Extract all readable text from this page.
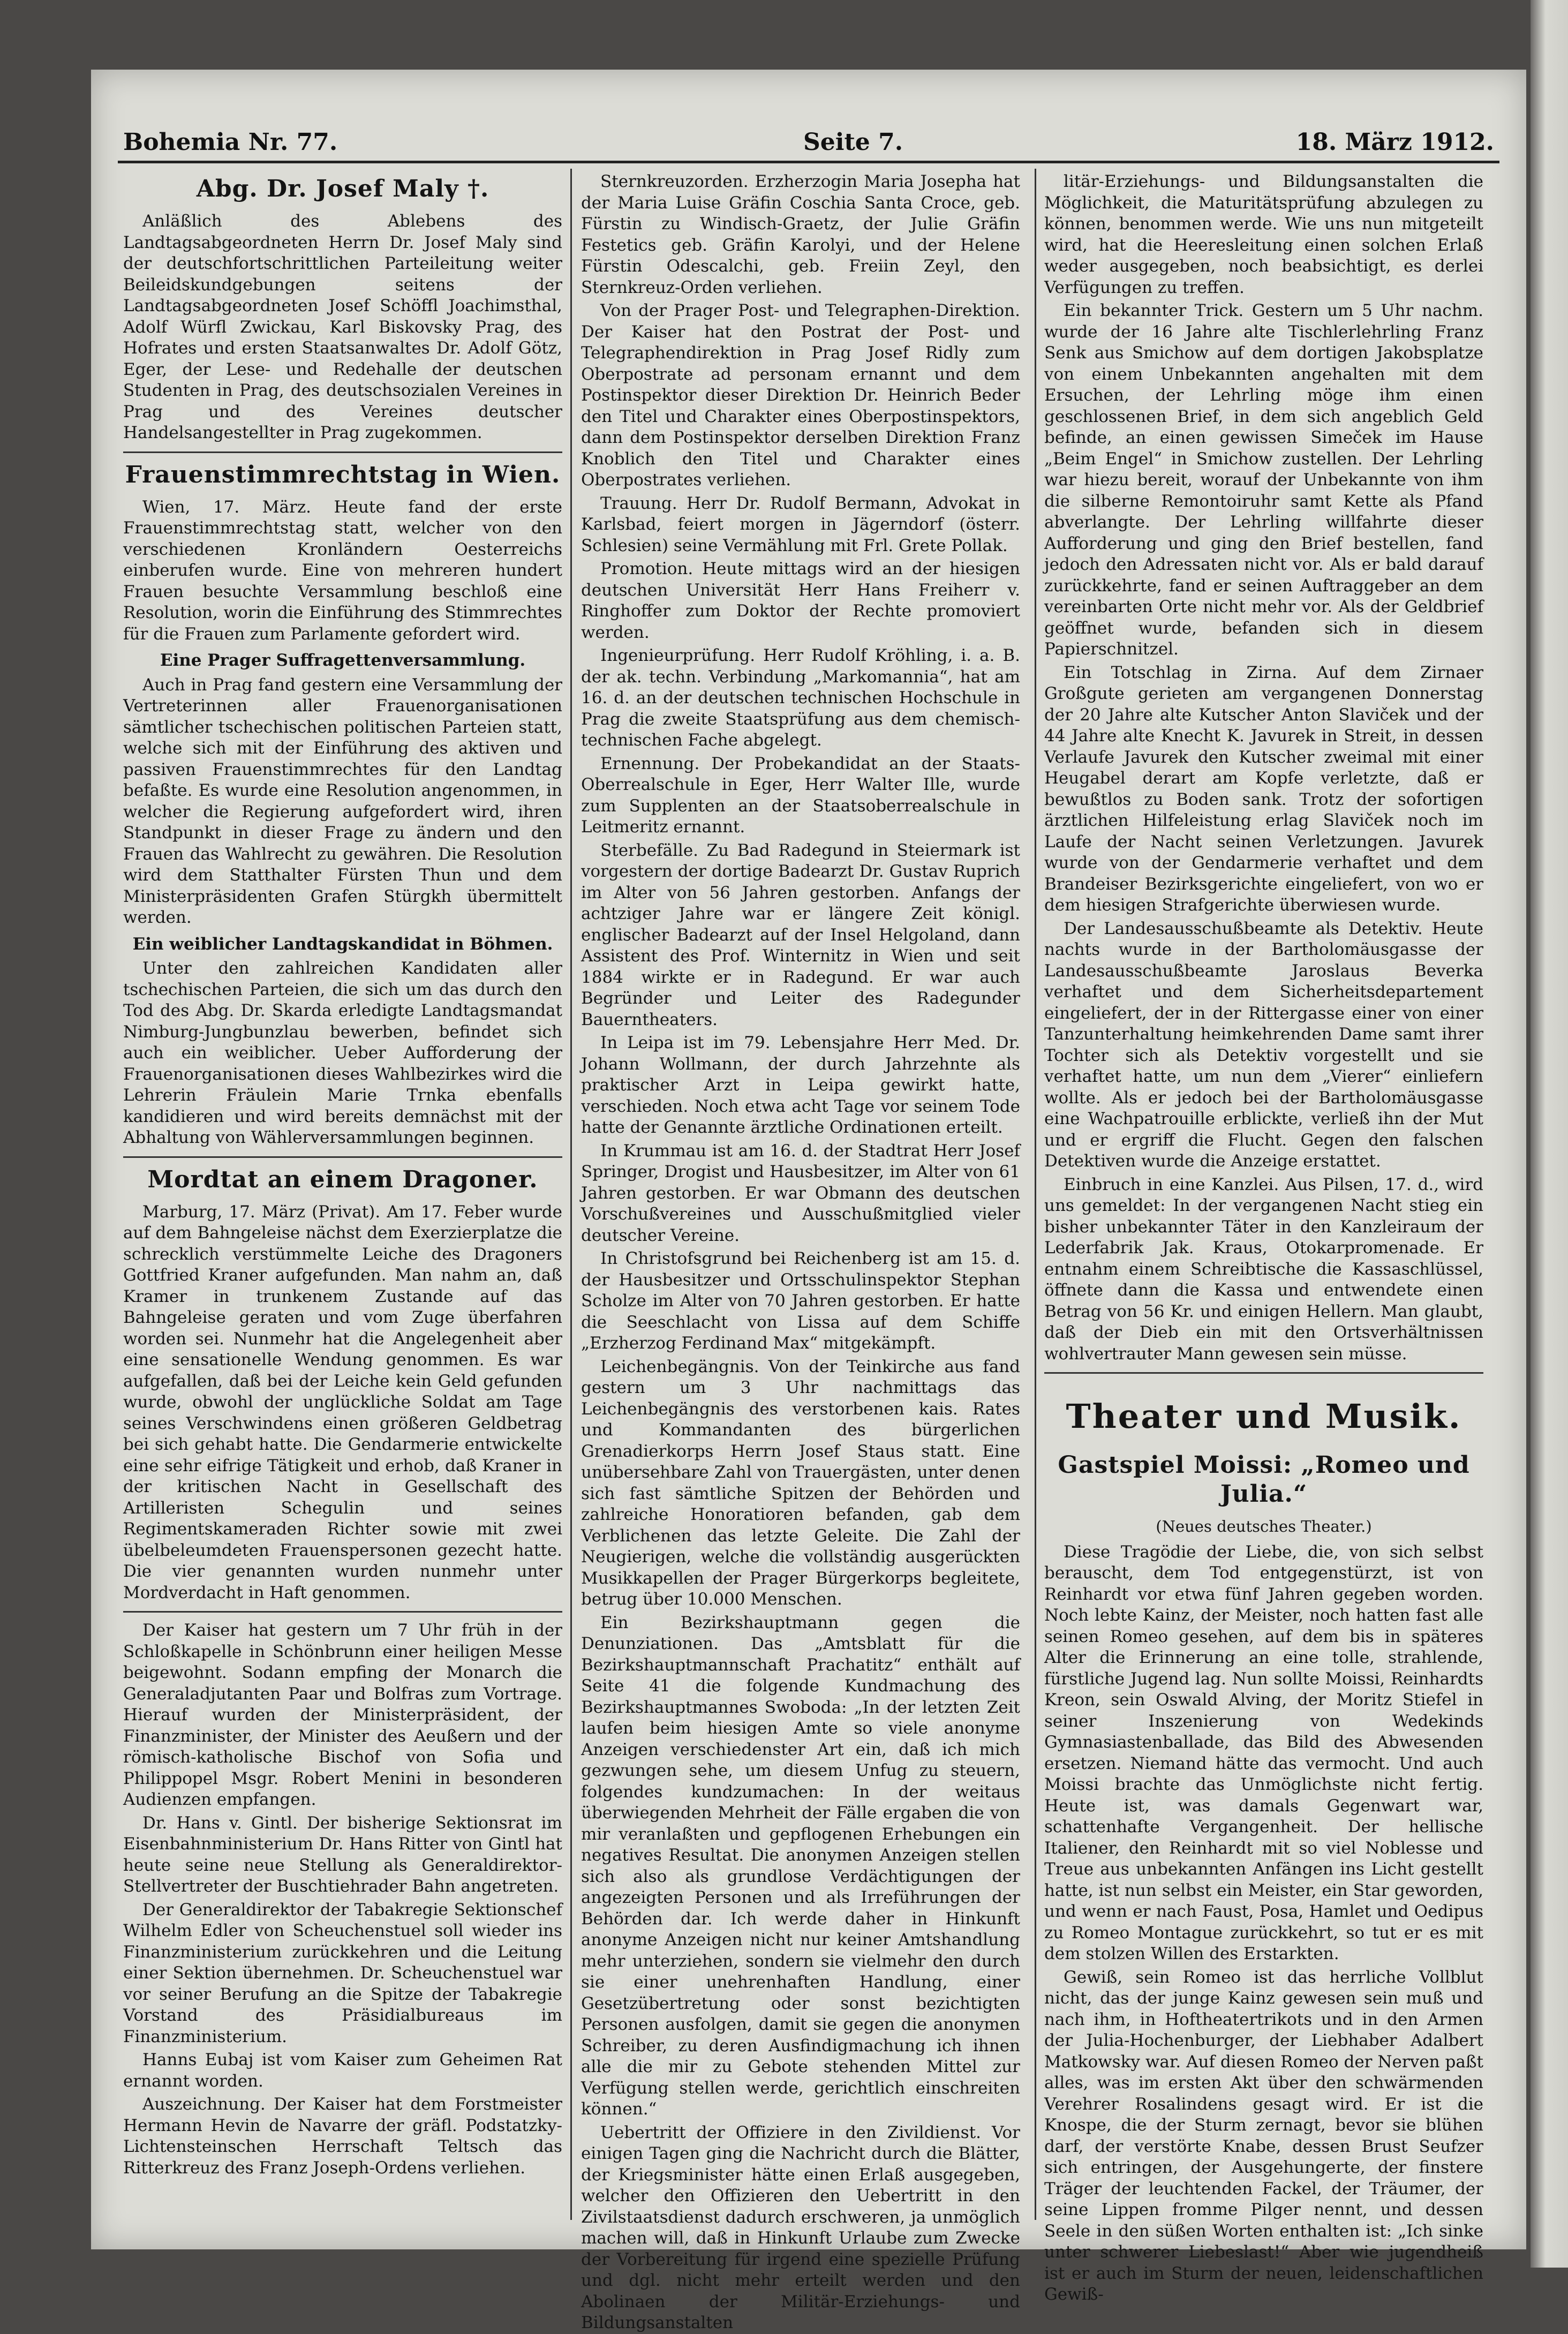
Bohemia Nr. 77.	Seite 7.	18. März 1912.
Abg. Dr. Josef Maly †.

Anläßlich des Ablebens des Landtagsabgeordneten Herrn Dr. Josef Maly sind der deutschfortschrittlichen Parteileitung weiter Beileidskundgebungen seitens der Landtagsabgeordneten Josef Schöffl Joachimsthal, Adolf Würfl Zwickau, Karl Biskovsky Prag, des Hofrates und ersten Staatsanwaltes Dr. Adolf Götz, Eger, der Lese- und Redehalle der deutschen Studenten in Prag, des deutschsozialen Vereines in Prag und des Vereines deutscher Handelsangestellter in Prag zugekommen.

Frauenstimmrechtstag in Wien.

Wien, 17. März. Heute fand der erste Frauenstimmrechtstag statt, welcher von den verschiedenen Kronländern Oesterreichs einberufen wurde. Eine von mehreren hundert Frauen besuchte Versammlung beschloß eine Resolution, worin die Einführung des Stimmrechtes für die Frauen zum Parlamente gefordert wird.

Eine Prager Suffragettenversammlung.

Auch in Prag fand gestern eine Versammlung der Vertreterinnen aller Frauenorganisationen sämtlicher tschechischen politischen Parteien statt, welche sich mit der Einführung des aktiven und passiven Frauenstimmrechtes für den Landtag befaßte. Es wurde eine Resolution angenommen, in welcher die Regierung aufgefordert wird, ihren Standpunkt in dieser Frage zu ändern und den Frauen das Wahlrecht zu gewähren. Die Resolution wird dem Statthalter Fürsten Thun und dem Ministerpräsidenten Grafen Stürgkh übermittelt werden.

Ein weiblicher Landtagskandidat in Böhmen.

Unter den zahlreichen Kandidaten aller tschechischen Parteien, die sich um das durch den Tod des Abg. Dr. Skarda erledigte Landtagsmandat Nimburg-Jungbunzlau bewerben, befindet sich auch ein weiblicher. Ueber Aufforderung der Frauenorganisationen dieses Wahlbezirkes wird die Lehrerin Fräulein Marie Trnka ebenfalls kandidieren und wird bereits demnächst mit der Abhaltung von Wählerversammlungen beginnen.

Mordtat an einem Dragoner.

Marburg, 17. März (Privat). Am 17. Feber wurde auf dem Bahngeleise nächst dem Exerzierplatze die schrecklich verstümmelte Leiche des Dragoners Gottfried Kraner aufgefunden. Man nahm an, daß Kramer in trunkenem Zustande auf das Bahngeleise geraten und vom Zuge überfahren worden sei. Nunmehr hat die Angelegenheit aber eine sensationelle Wendung genommen. Es war aufgefallen, daß bei der Leiche kein Geld gefunden wurde, obwohl der unglückliche Soldat am Tage seines Verschwindens einen größeren Geldbetrag bei sich gehabt hatte. Die Gendarmerie entwickelte eine sehr eifrige Tätigkeit und erhob, daß Kraner in der kritischen Nacht in Gesellschaft des Artilleristen Schegulin und seines Regimentskameraden Richter sowie mit zwei übelbeleumdeten Frauenspersonen gezecht hatte. Die vier genannten wurden nunmehr unter Mordverdacht in Haft genommen.

Der Kaiser hat gestern um 7 Uhr früh in der Schloßkapelle in Schönbrunn einer heiligen Messe beigewohnt. Sodann empfing der Monarch die Generaladjutanten Paar und Bolfras zum Vortrage. Hierauf wurden der Ministerpräsident, der Finanzminister, der Minister des Aeußern und der römisch-katholische Bischof von Sofia und Philippopel Msgr. Robert Menini in besonderen Audienzen empfangen.

Dr. Hans v. Gintl. Der bisherige Sektionsrat im Eisenbahnministerium Dr. Hans Ritter von Gintl hat heute seine neue Stellung als Generaldirektor-Stellvertreter der Buschtiehrader Bahn angetreten.

Der Generaldirektor der Tabakregie Sektionschef Wilhelm Edler von Scheuchenstuel soll wieder ins Finanzministerium zurückkehren und die Leitung einer Sektion übernehmen. Dr. Scheuchenstuel war vor seiner Berufung an die Spitze der Tabakregie Vorstand des Präsidialbureaus im Finanzministerium.

Hanns Eubaj ist vom Kaiser zum Geheimen Rat ernannt worden.

Auszeichnung. Der Kaiser hat dem Forstmeister Hermann Hevin de Navarre der gräfl. Podstatzky-Lichtensteinschen Herrschaft Teltsch das Ritterkreuz des Franz Joseph-Ordens verliehen.

Sternkreuzorden. Erzherzogin Maria Josepha hat der Maria Luise Gräfin Coschia Santa Croce, geb. Fürstin zu Windisch-Graetz, der Julie Gräfin Festetics geb. Gräfin Karolyi, und der Helene Fürstin Odescalchi, geb. Freiin Zeyl, den Sternkreuz-Orden verliehen.

Von der Prager Post- und Telegraphen-Direktion. Der Kaiser hat den Postrat der Post- und Telegraphendirektion in Prag Josef Ridly zum Oberpostrate ad personam ernannt und dem Postinspektor dieser Direktion Dr. Heinrich Beder den Titel und Charakter eines Oberpostinspektors, dann dem Postinspektor derselben Direktion Franz Knoblich den Titel und Charakter eines Oberpostrates verliehen.

Trauung. Herr Dr. Rudolf Bermann, Advokat in Karlsbad, feiert morgen in Jägerndorf (österr. Schlesien) seine Vermählung mit Frl. Grete Pollak.

Promotion. Heute mittags wird an der hiesigen deutschen Universität Herr Hans Freiherr v. Ringhoffer zum Doktor der Rechte promoviert werden.

Ingenieurprüfung. Herr Rudolf Kröhling, i. a. B. der ak. techn. Verbindung „Markomannia“, hat am 16. d. an der deutschen technischen Hochschule in Prag die zweite Staatsprüfung aus dem chemisch-technischen Fache abgelegt.

Ernennung. Der Probekandidat an der Staats-Oberrealschule in Eger, Herr Walter Ille, wurde zum Supplenten an der Staatsoberrealschule in Leitmeritz ernannt.

Sterbefälle. Zu Bad Radegund in Steiermark ist vorgestern der dortige Badearzt Dr. Gustav Ruprich im Alter von 56 Jahren gestorben. Anfangs der achtziger Jahre war er längere Zeit königl. englischer Badearzt auf der Insel Helgoland, dann Assistent des Prof. Winternitz in Wien und seit 1884 wirkte er in Radegund. Er war auch Begründer und Leiter des Radegunder Bauerntheaters.

In Leipa ist im 79. Lebensjahre Herr Med. Dr. Johann Wollmann, der durch Jahrzehnte als praktischer Arzt in Leipa gewirkt hatte, verschieden. Noch etwa acht Tage vor seinem Tode hatte der Genannte ärztliche Ordinationen erteilt.

In Krummau ist am 16. d. der Stadtrat Herr Josef Springer, Drogist und Hausbesitzer, im Alter von 61 Jahren gestorben. Er war Obmann des deutschen Vorschußvereines und Ausschußmitglied vieler deutscher Vereine.

In Christofsgrund bei Reichenberg ist am 15. d. der Hausbesitzer und Ortsschulinspektor Stephan Scholze im Alter von 70 Jahren gestorben. Er hatte die Seeschlacht von Lissa auf dem Schiffe „Erzherzog Ferdinand Max“ mitgekämpft.

Leichenbegängnis. Von der Teinkirche aus fand gestern um 3 Uhr nachmittags das Leichenbegängnis des verstorbenen kais. Rates und Kommandanten des bürgerlichen Grenadierkorps Herrn Josef Staus statt. Eine unübersehbare Zahl von Trauergästen, unter denen sich fast sämtliche Spitzen der Behörden und zahlreiche Honoratioren befanden, gab dem Verblichenen das letzte Geleite. Die Zahl der Neugierigen, welche die vollständig ausgerückten Musikkapellen der Prager Bürgerkorps begleitete, betrug über 10.000 Menschen.

Ein Bezirkshauptmann gegen die Denunziationen. Das „Amtsblatt für die Bezirkshauptmannschaft Prachatitz“ enthält auf Seite 41 die folgende Kundmachung des Bezirkshauptmannes Swoboda: „In der letzten Zeit laufen beim hiesigen Amte so viele anonyme Anzeigen verschiedenster Art ein, daß ich mich gezwungen sehe, um diesem Unfug zu steuern, folgendes kundzumachen: In der weitaus überwiegenden Mehrheit der Fälle ergaben die von mir veranlaßten und gepflogenen Erhebungen ein negatives Resultat. Die anonymen Anzeigen stellen sich also als grundlose Verdächtigungen der angezeigten Personen und als Irreführungen der Behörden dar. Ich werde daher in Hinkunft anonyme Anzeigen nicht nur keiner Amtshandlung mehr unterziehen, sondern sie vielmehr den durch sie einer unehrenhaften Handlung, einer Gesetzübertretung oder sonst bezichtigten Personen ausfolgen, damit sie gegen die anonymen Schreiber, zu deren Ausfindigmachung ich ihnen alle die mir zu Gebote stehenden Mittel zur Verfügung stellen werde, gerichtlich einschreiten können.“

Uebertritt der Offiziere in den Zivildienst. Vor einigen Tagen ging die Nachricht durch die Blätter, der Kriegsminister hätte einen Erlaß ausgegeben, welcher den Offizieren den Uebertritt in den Zivilstaatsdienst dadurch erschweren, ja unmöglich machen will, daß in Hinkunft Urlaube zum Zwecke der Vorbereitung für irgend eine spezielle Prüfung und dgl. nicht mehr erteilt werden und den Abolinaen der Militär-Erziehungs- und Bildungsanstalten

litär-Erziehungs- und Bildungsanstalten die Möglichkeit, die Maturitätsprüfung abzulegen zu können, benommen werde. Wie uns nun mitgeteilt wird, hat die Heeresleitung einen solchen Erlaß weder ausgegeben, noch beabsichtigt, es derlei Verfügungen zu treffen.

Ein bekannter Trick. Gestern um 5 Uhr nachm. wurde der 16 Jahre alte Tischlerlehrling Franz Senk aus Smichow auf dem dortigen Jakobsplatze von einem Unbekannten angehalten mit dem Ersuchen, der Lehrling möge ihm einen geschlossenen Brief, in dem sich angeblich Geld befinde, an einen gewissen Simeček im Hause „Beim Engel“ in Smichow zustellen. Der Lehrling war hiezu bereit, worauf der Unbekannte von ihm die silberne Remontoiruhr samt Kette als Pfand abverlangte. Der Lehrling willfahrte dieser Aufforderung und ging den Brief bestellen, fand jedoch den Adressaten nicht vor. Als er bald darauf zurückkehrte, fand er seinen Auftraggeber an dem vereinbarten Orte nicht mehr vor. Als der Geldbrief geöffnet wurde, befanden sich in diesem Papierschnitzel.

Ein Totschlag in Zirna. Auf dem Zirnaer Großgute gerieten am vergangenen Donnerstag der 20 Jahre alte Kutscher Anton Slaviček und der 44 Jahre alte Knecht K. Javurek in Streit, in dessen Verlaufe Javurek den Kutscher zweimal mit einer Heugabel derart am Kopfe verletzte, daß er bewußtlos zu Boden sank. Trotz der sofortigen ärztlichen Hilfeleistung erlag Slaviček noch im Laufe der Nacht seinen Verletzungen. Javurek wurde von der Gendarmerie verhaftet und dem Brandeiser Bezirksgerichte eingeliefert, von wo er dem hiesigen Strafgerichte überwiesen wurde.

Der Landesausschußbeamte als Detektiv. Heute nachts wurde in der Bartholomäusgasse der Landesausschußbeamte Jaroslaus Beverka verhaftet und dem Sicherheitsdepartement eingeliefert, der in der Rittergasse einer von einer Tanzunterhaltung heimkehrenden Dame samt ihrer Tochter sich als Detektiv vorgestellt und sie verhaftet hatte, um nun dem „Vierer“ einliefern wollte. Als er jedoch bei der Bartholomäusgasse eine Wachpatrouille erblickte, verließ ihn der Mut und er ergriff die Flucht. Gegen den falschen Detektiven wurde die Anzeige erstattet.

Einbruch in eine Kanzlei. Aus Pilsen, 17. d., wird uns gemeldet: In der vergangenen Nacht stieg ein bisher unbekannter Täter in den Kanzleiraum der Lederfabrik Jak. Kraus, Otokarpromenade. Er entnahm einem Schreibtische die Kassaschlüssel, öffnete dann die Kassa und entwendete einen Betrag von 56 Kr. und einigen Hellern. Man glaubt, daß der Dieb ein mit den Ortsverhältnissen wohlvertrauter Mann gewesen sein müsse.

Theater und Musik.
Gastspiel Moissi: „Romeo und Julia.“
(Neues deutsches Theater.)

Diese Tragödie der Liebe, die, von sich selbst berauscht, dem Tod entgegenstürzt, ist von Reinhardt vor etwa fünf Jahren gegeben worden. Noch lebte Kainz, der Meister, noch hatten fast alle seinen Romeo gesehen, auf dem bis in späteres Alter die Erinnerung an eine tolle, strahlende, fürstliche Jugend lag. Nun sollte Moissi, Reinhardts Kreon, sein Oswald Alving, der Moritz Stiefel in seiner Inszenierung von Wedekinds Gymnasiastenballade, das Bild des Abwesenden ersetzen. Niemand hätte das vermocht. Und auch Moissi brachte das Unmöglichste nicht fertig. Heute ist, was damals Gegenwart war, schattenhafte Vergangenheit. Der hellische Italiener, den Reinhardt mit so viel Noblesse und Treue aus unbekannten Anfängen ins Licht gestellt hatte, ist nun selbst ein Meister, ein Star geworden, und wenn er nach Faust, Posa, Hamlet und Oedipus zu Romeo Montague zurückkehrt, so tut er es mit dem stolzen Willen des Erstarkten.

Gewiß, sein Romeo ist das herrliche Vollblut nicht, das der junge Kainz gewesen sein muß und nach ihm, in Hoftheatertrikots und in den Armen der Julia-Hochenburger, der Liebhaber Adalbert Matkowsky war. Auf diesen Romeo der Nerven paßt alles, was im ersten Akt über den schwärmenden Verehrer Rosalindens gesagt wird. Er ist die Knospe, die der Sturm zernagt, bevor sie blühen darf, der verstörte Knabe, dessen Brust Seufzer sich entringen, der Ausgehungerte, der finstere Träger der leuchtenden Fackel, der Träumer, der seine Lippen fromme Pilger nennt, und dessen Seele in den süßen Worten enthalten ist: „Ich sinke unter schwerer Liebeslast!“ Aber wie jugendheiß ist er auch im Sturm der neuen, leidenschaftlichen Gewiß-
